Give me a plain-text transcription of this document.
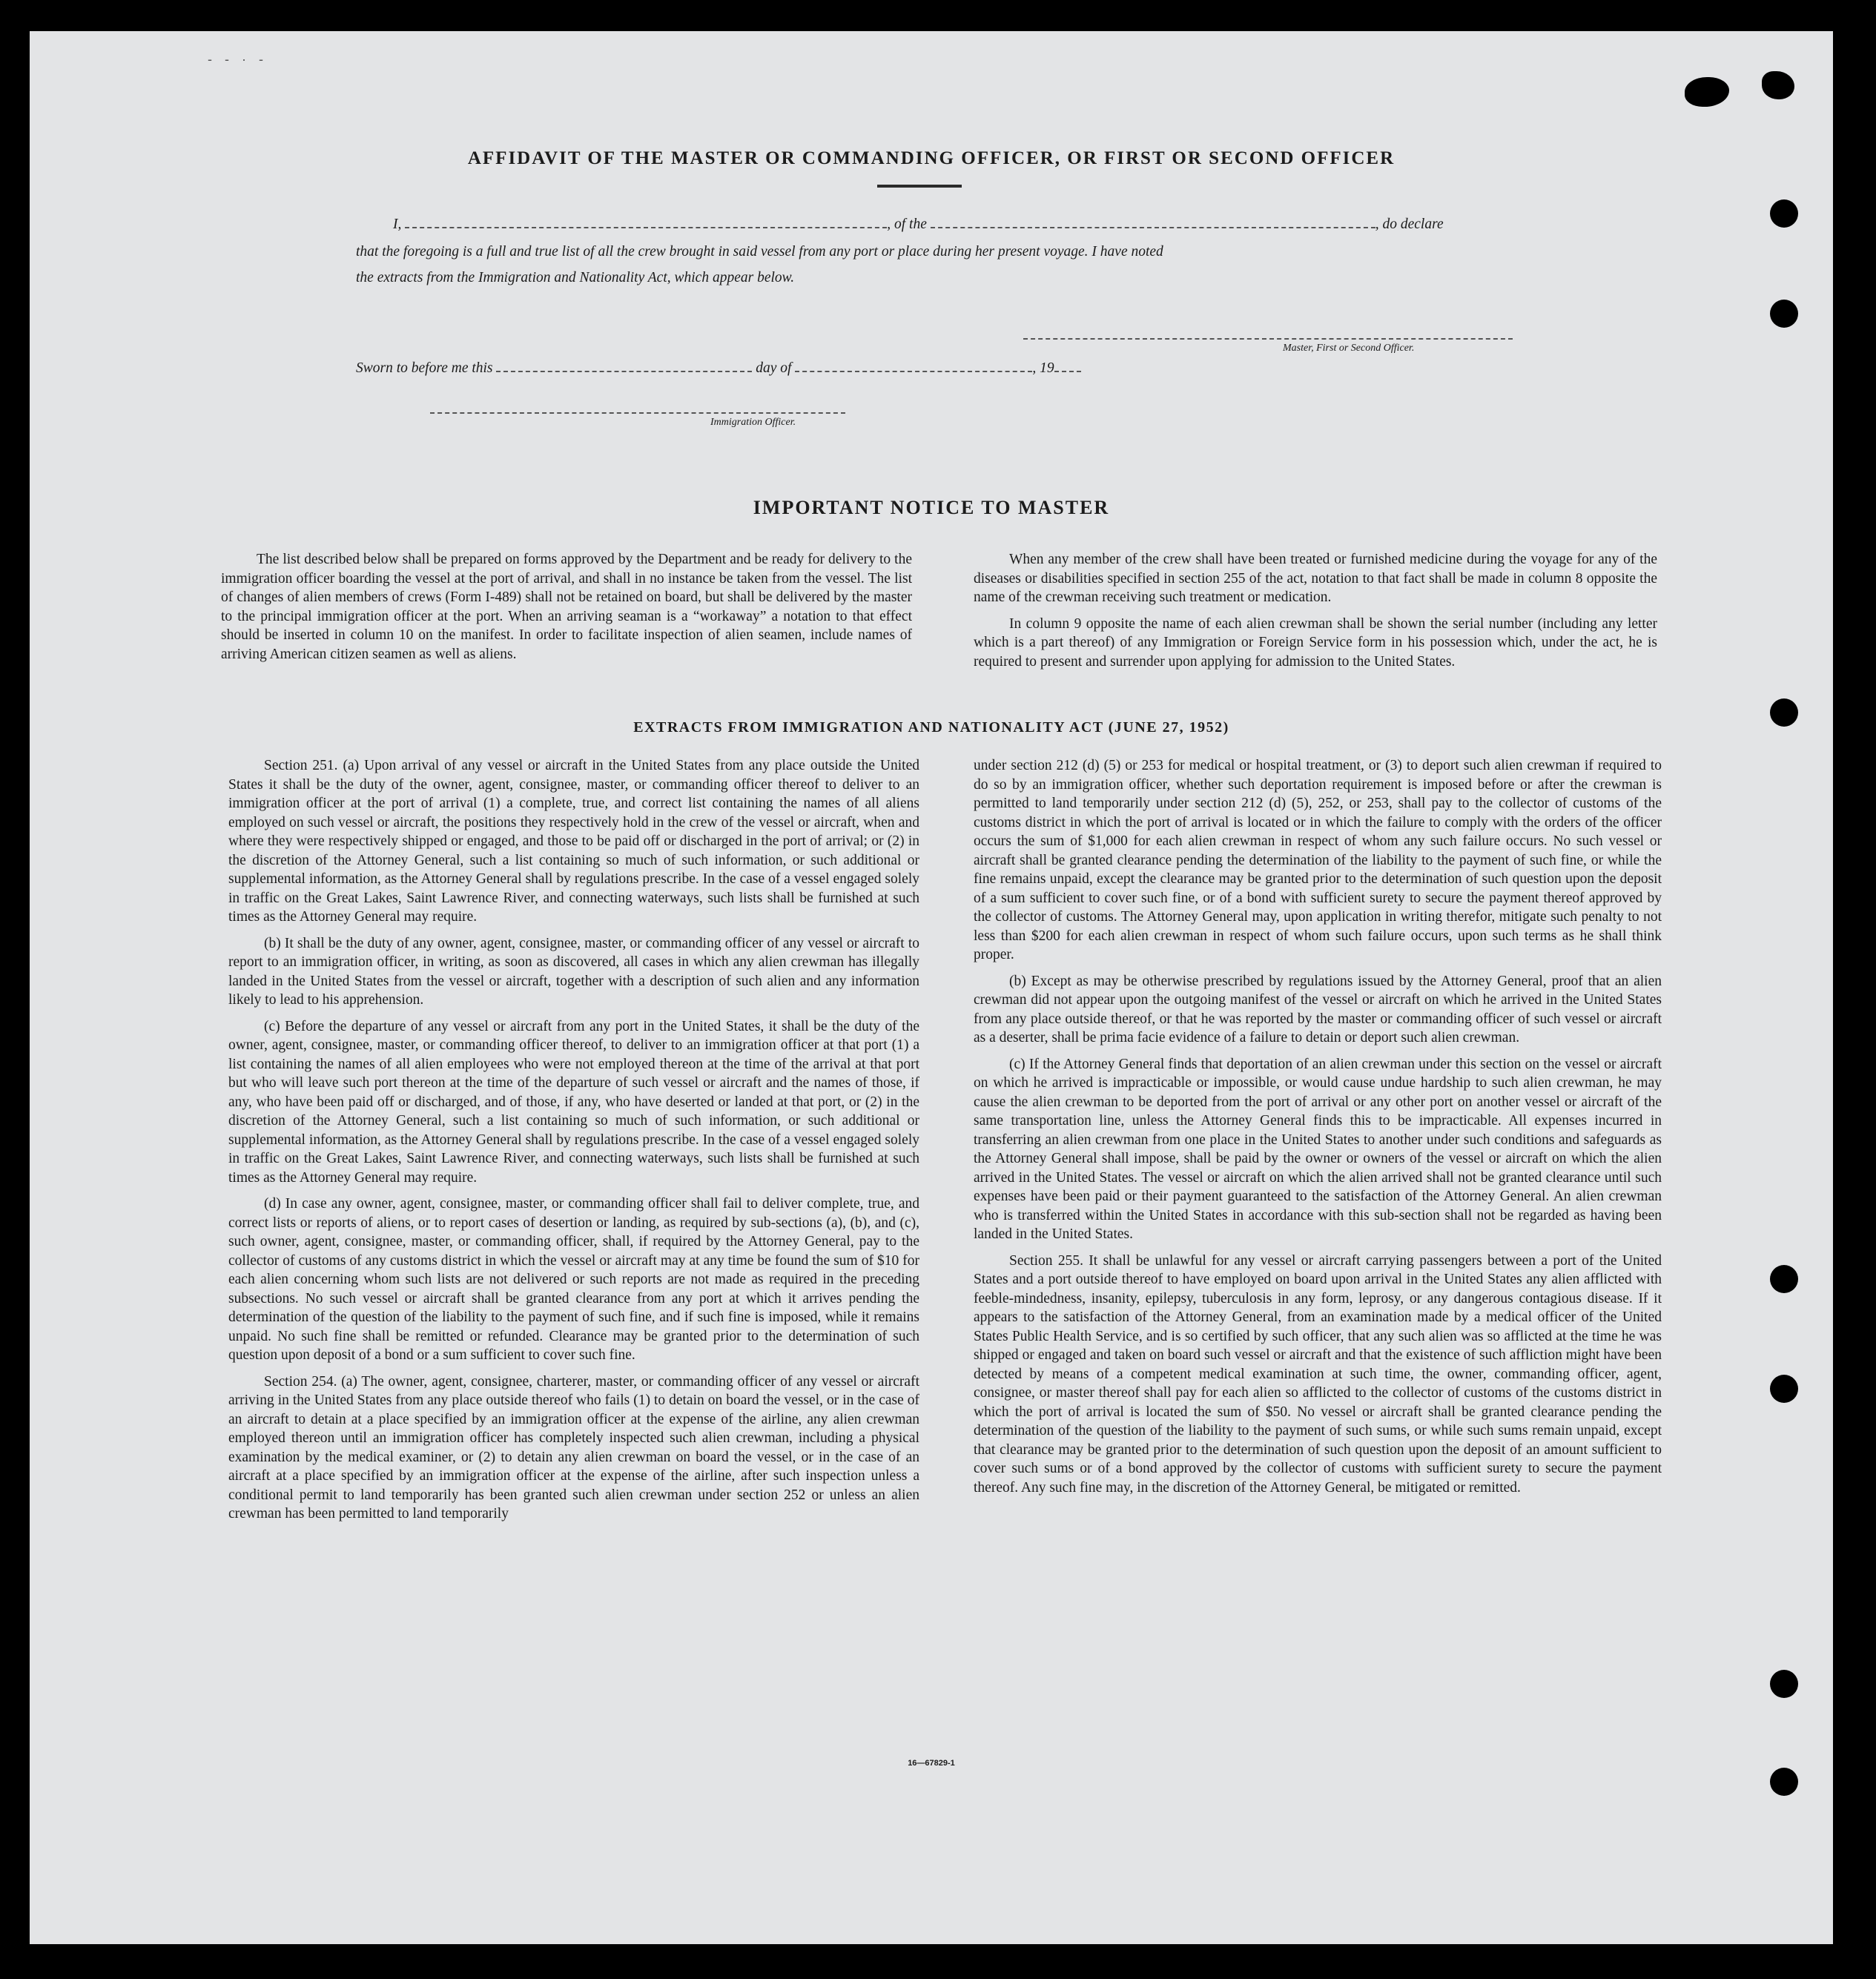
- - · -
AFFIDAVIT OF THE MASTER OR COMMANDING OFFICER, OR FIRST OR SECOND OFFICER
I,	, of the	, do declare
that the foregoing is a full and true list of all the crew brought in said vessel from any port or place during her present voyage. I have noted
the extracts from the Immigration and Nationality Act, which appear below.
Master, First or Second Officer.
Sworn to before me this	day of	, 19
Immigration Officer.
IMPORTANT NOTICE TO MASTER

The list described below shall be prepared on forms approved by the Department and be ready for delivery to the immigration officer boarding the vessel at the port of arrival, and shall in no instance be taken from the vessel. The list of changes of alien members of crews (Form I-489) shall not be retained on board, but shall be delivered by the master to the principal immigration officer at the port. When an arriving seaman is a “workaway” a notation to that effect should be inserted in column 10 on the manifest. In order to facilitate inspection of alien seamen, include names of arriving American citizen seamen as well as aliens.

When any member of the crew shall have been treated or furnished medicine during the voyage for any of the diseases or disabilities specified in section 255 of the act, notation to that fact shall be made in column 8 opposite the name of the crewman receiving such treatment or medication.

In column 9 opposite the name of each alien crewman shall be shown the serial number (including any letter which is a part thereof) of any Immigration or Foreign Service form in his possession which, under the act, he is required to present and surrender upon applying for admission to the United States.

EXTRACTS FROM IMMIGRATION AND NATIONALITY ACT (JUNE 27, 1952)

Section 251. (a) Upon arrival of any vessel or aircraft in the United States from any place outside the United States it shall be the duty of the owner, agent, consignee, master, or commanding officer thereof to deliver to an immigration officer at the port of arrival (1) a complete, true, and correct list containing the names of all aliens employed on such vessel or aircraft, the positions they respectively hold in the crew of the vessel or aircraft, when and where they were respectively shipped or engaged, and those to be paid off or discharged in the port of arrival; or (2) in the discretion of the Attorney General, such a list containing so much of such information, or such additional or supplemental information, as the Attorney General shall by regulations prescribe. In the case of a vessel engaged solely in traffic on the Great Lakes, Saint Lawrence River, and connecting waterways, such lists shall be furnished at such times as the Attorney General may require.

(b) It shall be the duty of any owner, agent, consignee, master, or commanding officer of any vessel or aircraft to report to an immigration officer, in writing, as soon as discovered, all cases in which any alien crewman has illegally landed in the United States from the vessel or aircraft, together with a description of such alien and any information likely to lead to his apprehension.

(c) Before the departure of any vessel or aircraft from any port in the United States, it shall be the duty of the owner, agent, consignee, master, or commanding officer thereof, to deliver to an immigration officer at that port (1) a list containing the names of all alien employees who were not employed thereon at the time of the arrival at that port but who will leave such port thereon at the time of the departure of such vessel or aircraft and the names of those, if any, who have been paid off or discharged, and of those, if any, who have deserted or landed at that port, or (2) in the discretion of the Attorney General, such a list containing so much of such information, or such additional or supplemental information, as the Attorney General shall by regulations prescribe. In the case of a vessel engaged solely in traffic on the Great Lakes, Saint Lawrence River, and connecting waterways, such lists shall be furnished at such times as the Attorney General may require.

(d) In case any owner, agent, consignee, master, or commanding officer shall fail to deliver complete, true, and correct lists or reports of aliens, or to report cases of desertion or landing, as required by sub-sections (a), (b), and (c), such owner, agent, consignee, master, or commanding officer, shall, if required by the Attorney General, pay to the collector of customs of any customs district in which the vessel or aircraft may at any time be found the sum of $10 for each alien concerning whom such lists are not delivered or such reports are not made as required in the preceding subsections. No such vessel or aircraft shall be granted clearance from any port at which it arrives pending the determination of the question of the liability to the payment of such fine, and if such fine is imposed, while it remains unpaid. No such fine shall be remitted or refunded. Clearance may be granted prior to the determination of such question upon deposit of a bond or a sum sufficient to cover such fine.

Section 254. (a) The owner, agent, consignee, charterer, master, or commanding officer of any vessel or aircraft arriving in the United States from any place outside thereof who fails (1) to detain on board the vessel, or in the case of an aircraft to detain at a place specified by an immigration officer at the expense of the airline, any alien crewman employed thereon until an immigration officer has completely inspected such alien crewman, including a physical examination by the medical examiner, or (2) to detain any alien crewman on board the vessel, or in the case of an aircraft at a place specified by an immigration officer at the expense of the airline, after such inspection unless a conditional permit to land temporarily has been granted such alien crewman under section 252 or unless an alien crewman has been permitted to land temporarily

under section 212 (d) (5) or 253 for medical or hospital treatment, or (3) to deport such alien crewman if required to do so by an immigration officer, whether such deportation requirement is imposed before or after the crewman is permitted to land temporarily under section 212 (d) (5), 252, or 253, shall pay to the collector of customs of the customs district in which the port of arrival is located or in which the failure to comply with the orders of the officer occurs the sum of $1,000 for each alien crewman in respect of whom any such failure occurs. No such vessel or aircraft shall be granted clearance pending the determination of the liability to the payment of such fine, or while the fine remains unpaid, except the clearance may be granted prior to the determination of such question upon the deposit of a sum sufficient to cover such fine, or of a bond with sufficient surety to secure the payment thereof approved by the collector of customs. The Attorney General may, upon application in writing therefor, mitigate such penalty to not less than $200 for each alien crewman in respect of whom such failure occurs, upon such terms as he shall think proper.

(b) Except as may be otherwise prescribed by regulations issued by the Attorney General, proof that an alien crewman did not appear upon the outgoing manifest of the vessel or aircraft on which he arrived in the United States from any place outside thereof, or that he was reported by the master or commanding officer of such vessel or aircraft as a deserter, shall be prima facie evidence of a failure to detain or deport such alien crewman.

(c) If the Attorney General finds that deportation of an alien crewman under this section on the vessel or aircraft on which he arrived is impracticable or impossible, or would cause undue hardship to such alien crewman, he may cause the alien crewman to be deported from the port of arrival or any other port on another vessel or aircraft of the same transportation line, unless the Attorney General finds this to be impracticable. All expenses incurred in transferring an alien crewman from one place in the United States to another under such conditions and safeguards as the Attorney General shall impose, shall be paid by the owner or owners of the vessel or aircraft on which the alien arrived in the United States. The vessel or aircraft on which the alien arrived shall not be granted clearance until such expenses have been paid or their payment guaranteed to the satisfaction of the Attorney General. An alien crewman who is transferred within the United States in accordance with this sub-section shall not be regarded as having been landed in the United States.

Section 255. It shall be unlawful for any vessel or aircraft carrying passengers between a port of the United States and a port outside thereof to have employed on board upon arrival in the United States any alien afflicted with feeble-mindedness, insanity, epilepsy, tuberculosis in any form, leprosy, or any dangerous contagious disease. If it appears to the satisfaction of the Attorney General, from an examination made by a medical officer of the United States Public Health Service, and is so certified by such officer, that any such alien was so afflicted at the time he was shipped or engaged and taken on board such vessel or aircraft and that the existence of such affliction might have been detected by means of a competent medical examination at such time, the owner, commanding officer, agent, consignee, or master thereof shall pay for each alien so afflicted to the collector of customs of the customs district in which the port of arrival is located the sum of $50. No vessel or aircraft shall be granted clearance pending the determination of the question of the liability to the payment of such sums, or while such sums remain unpaid, except that clearance may be granted prior to the determination of such question upon the deposit of an amount sufficient to cover such sums or of a bond approved by the collector of customs with sufficient surety to secure the payment thereof. Any such fine may, in the discretion of the Attorney General, be mitigated or remitted.

16—67829-1
